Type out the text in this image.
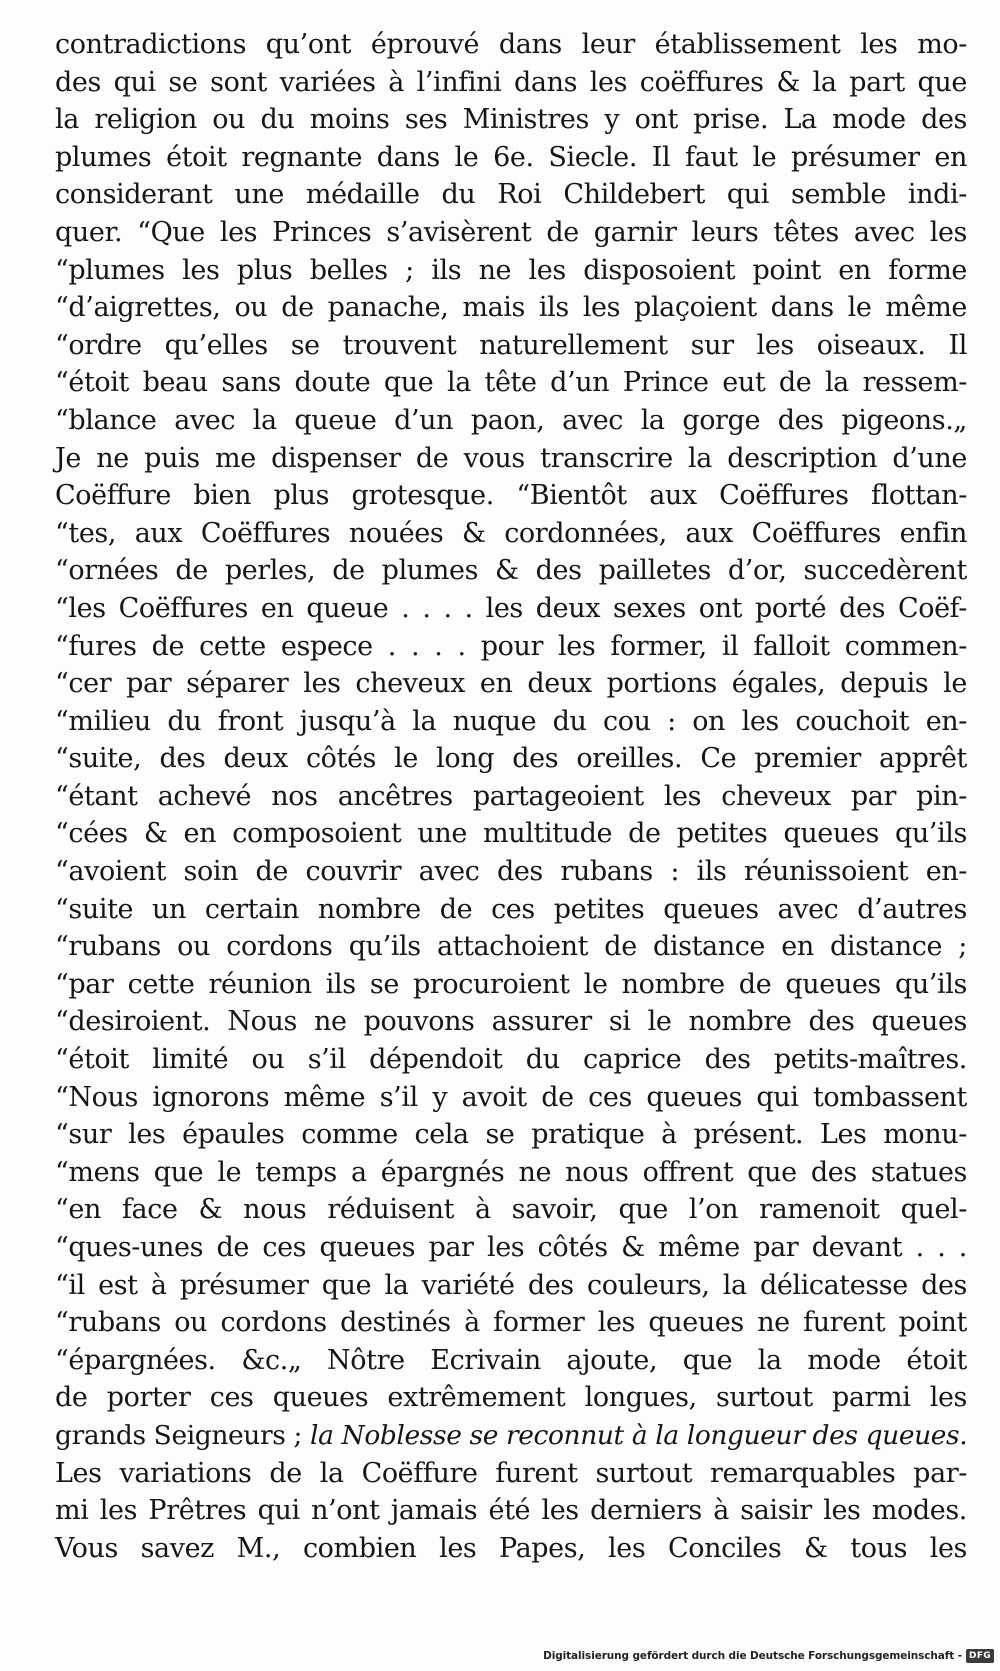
contradictions qu’ont éprouvé dans leur établissement les mo-
des qui se sont variées à l’infini dans les coëffures & la part que
la religion ou du moins ses Ministres y ont prise. La mode des
plumes étoit regnante dans le 6e. Siecle. Il faut le présumer en
considerant une médaille du Roi Childebert qui semble indi-
quer. “Que les Princes s’avisèrent de garnir leurs têtes avec les
“plumes les plus belles ; ils ne les disposoient point en forme
“d’aigrettes, ou de panache, mais ils les plaçoient dans le même
“ordre qu’elles se trouvent naturellement sur les oiseaux. Il
“étoit beau sans doute que la tête d’un Prince eut de la ressem-
“blance avec la queue d’un paon, avec la gorge des pigeons.„
Je ne puis me dispenser de vous transcrire la description d’une
Coëffure bien plus grotesque. “Bientôt aux Coëffures flottan-
“tes, aux Coëffures nouées & cordonnées, aux Coëffures enfin
“ornées de perles, de plumes & des pailletes d’or, succedèrent
“les Coëffures en queue . . . . les deux sexes ont porté des Coëf-
“fures de cette espece . . . . pour les former, il falloit commen-
“cer par séparer les cheveux en deux portions égales, depuis le
“milieu du front jusqu’à la nuque du cou : on les couchoit en-
“suite, des deux côtés le long des oreilles. Ce premier apprêt
“étant achevé nos ancêtres partageoient les cheveux par pin-
“cées & en composoient une multitude de petites queues qu’ils
“avoient soin de couvrir avec des rubans : ils réunissoient en-
“suite un certain nombre de ces petites queues avec d’autres
“rubans ou cordons qu’ils attachoient de distance en distance ;
“par cette réunion ils se procuroient le nombre de queues qu’ils
“desiroient. Nous ne pouvons assurer si le nombre des queues
“étoit limité ou s’il dépendoit du caprice des petits-maîtres.
“Nous ignorons même s’il y avoit de ces queues qui tombassent
“sur les épaules comme cela se pratique à présent. Les monu-
“mens que le temps a épargnés ne nous offrent que des statues
“en face & nous réduisent à savoir, que l’on ramenoit quel-
“ques-unes de ces queues par les côtés & même par devant . . .
“il est à présumer que la variété des couleurs, la délicatesse des
“rubans ou cordons destinés à former les queues ne furent point
“épargnées. &c.„ Nôtre Ecrivain ajoute, que la mode étoit
de porter ces queues extrêmement longues, surtout parmi les
grands Seigneurs ; la Noblesse se reconnut à la longueur des queues.
Les variations de la Coëffure furent surtout remarquables par-
mi les Prêtres qui n’ont jamais été les derniers à saisir les modes.
Vous savez M., combien les Papes, les Conciles & tous les
Digitalisierung gefördert durch die Deutsche Forschungsgemeinschaft - DFG
